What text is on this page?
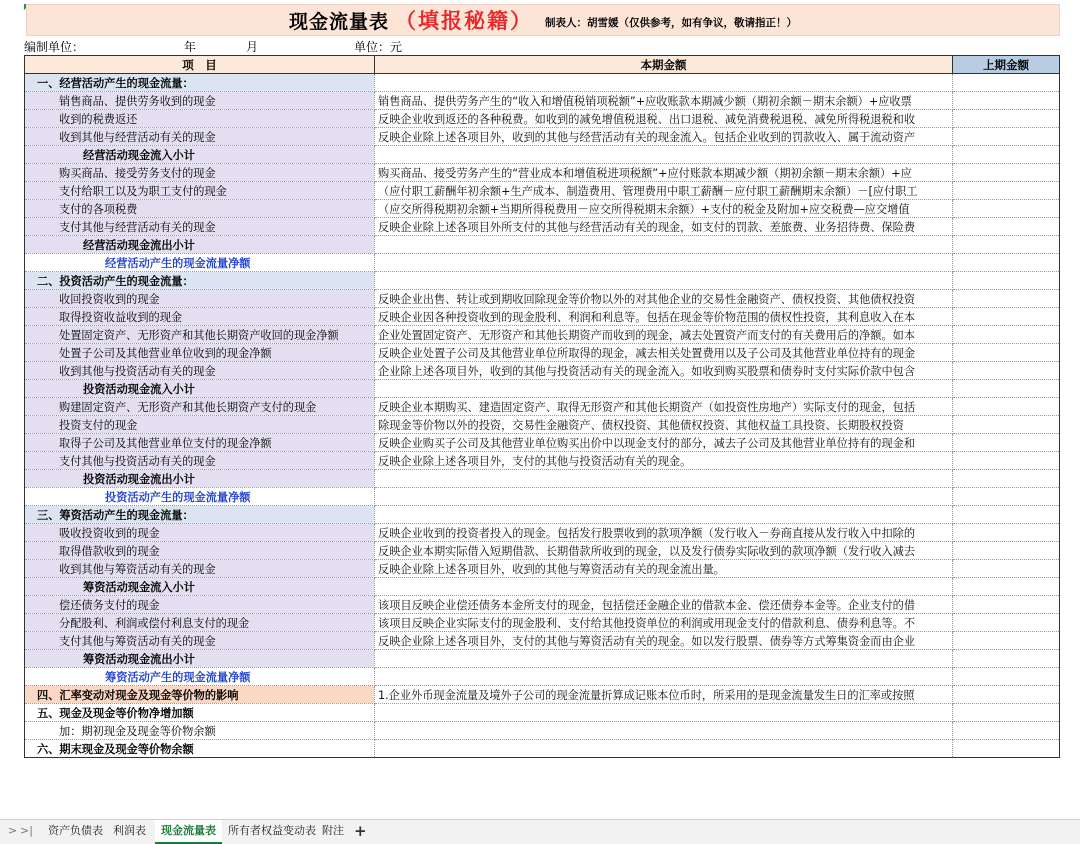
现金流量表 （填报秘籍） 制表人：胡雪媛（仅供参考，如有争议，敬请指正！）
编制单位：	年	月	单位：元
项　目	本期金额	上期金额
一、经营活动产生的现金流量：		
销售商品、提供劳务收到的现金	销售商品、提供劳务产生的“收入和增值税销项税额”+应收账款本期减少额（期初余额－期末余额）+应收票	
收到的税费返还	反映企业收到返还的各种税费。如收到的减免增值税退税、出口退税、减免消费税退税、减免所得税退税和收	
收到其他与经营活动有关的现金	反映企业除上述各项目外，收到的其他与经营活动有关的现金流入。包括企业收到的罚款收入、属于流动资产	
经营活动现金流入小计		
购买商品、接受劳务支付的现金	购买商品、接受劳务产生的“营业成本和增值税进项税额”+应付账款本期减少额（期初余额－期末余额）+应	
支付给职工以及为职工支付的现金	（应付职工薪酬年初余额+生产成本、制造费用、管理费用中职工薪酬－应付职工薪酬期末余额）－[应付职工	
支付的各项税费	（应交所得税期初余额+当期所得税费用－应交所得税期末余额）+支付的税金及附加+应交税费—应交增值	
支付其他与经营活动有关的现金	反映企业除上述各项目外所支付的其他与经营活动有关的现金，如支付的罚款、差旅费、业务招待费、保险费	
经营活动现金流出小计		
经营活动产生的现金流量净额		
二、投资活动产生的现金流量：		
收回投资收到的现金	反映企业出售、转让或到期收回除现金等价物以外的对其他企业的交易性金融资产、债权投资、其他债权投资	
取得投资收益收到的现金	反映企业因各种投资收到的现金股利、利润和利息等。包括在现金等价物范围的债权性投资，其利息收入在本	
处置固定资产、无形资产和其他长期资产收回的现金净额	企业处置固定资产、无形资产和其他长期资产而收到的现金，减去处置资产而支付的有关费用后的净额。如本	
处置子公司及其他营业单位收到的现金净额	反映企业处置子公司及其他营业单位所取得的现金，减去相关处置费用以及子公司及其他营业单位持有的现金	
收到其他与投资活动有关的现金	企业除上述各项目外，收到的其他与投资活动有关的现金流入。如收到购买股票和债券时支付实际价款中包含	
投资活动现金流入小计		
购建固定资产、无形资产和其他长期资产支付的现金	反映企业本期购买、建造固定资产、取得无形资产和其他长期资产（如投资性房地产）实际支付的现金，包括	
投资支付的现金	除现金等价物以外的投资，交易性金融资产、债权投资、其他债权投资、其他权益工具投资、长期股权投资	
取得子公司及其他营业单位支付的现金净额	反映企业购买子公司及其他营业单位购买出价中以现金支付的部分，减去子公司及其他营业单位持有的现金和	
支付其他与投资活动有关的现金	反映企业除上述各项目外，支付的其他与投资活动有关的现金。	
投资活动现金流出小计		
投资活动产生的现金流量净额		
三、筹资活动产生的现金流量：		
吸收投资收到的现金	反映企业收到的投资者投入的现金。包括发行股票收到的款项净额（发行收入－券商直接从发行收入中扣除的	
取得借款收到的现金	反映企业本期实际借入短期借款、长期借款所收到的现金，以及发行债券实际收到的款项净额（发行收入减去	
收到其他与筹资活动有关的现金	反映企业除上述各项目外，收到的其他与筹资活动有关的现金流出量。	
筹资活动现金流入小计		
偿还债务支付的现金	该项目反映企业偿还债务本金所支付的现金，包括偿还金融企业的借款本金、偿还债券本金等。企业支付的借	
分配股利、利润或偿付利息支付的现金	该项目反映企业实际支付的现金股利、支付给其他投资单位的利润或用现金支付的借款利息、债券利息等。不	
支付其他与筹资活动有关的现金	反映企业除上述各项目外，支付的其他与筹资活动有关的现金。如以发行股票、债券等方式筹集资金而由企业	
筹资活动现金流出小计		
筹资活动产生的现金流量净额		
四、汇率变动对现金及现金等价物的影响	1.企业外币现金流量及境外子公司的现金流量折算成记账本位币时，所采用的是现金流量发生日的汇率或按照	
五、现金及现金等价物净增加额		
加：期初现金及现金等价物余额		
六、期末现金及现金等价物余额		
> >| 资产负债表 利润表	现金流量表	所有者权益变动表 附注 +
